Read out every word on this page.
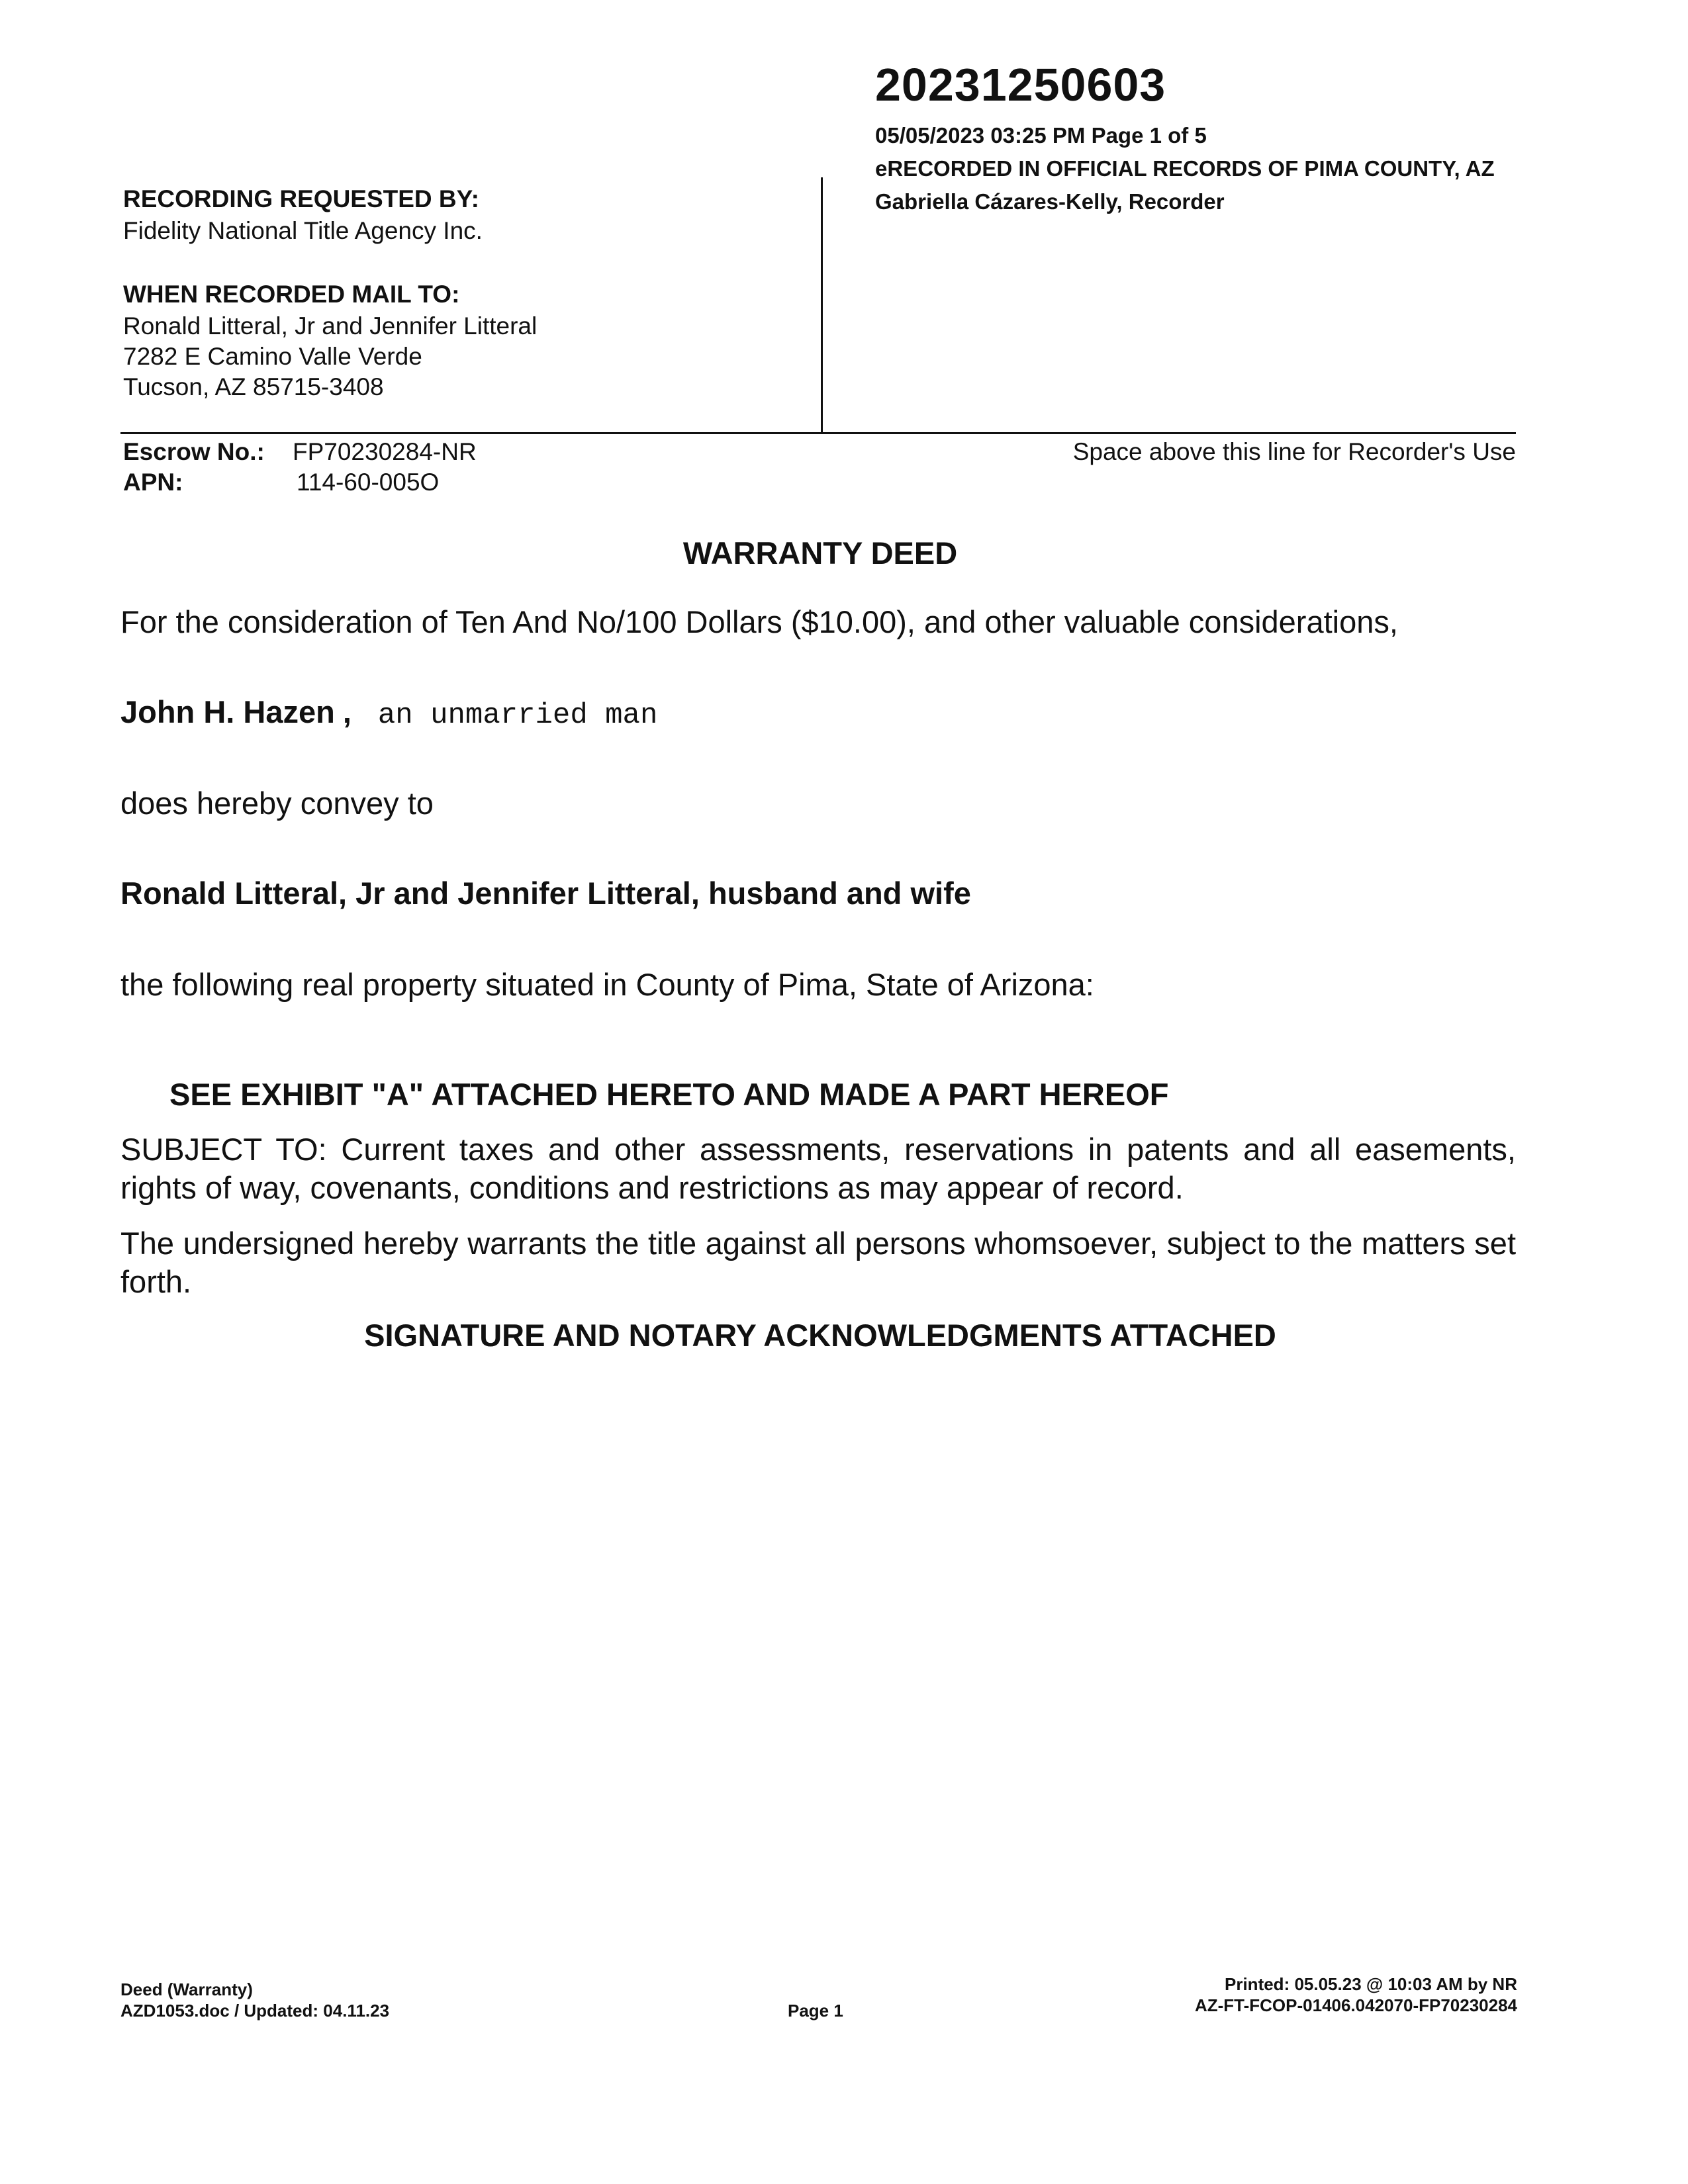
20231250603
05/05/2023 03:25 PM Page 1 of 5
eRECORDED IN OFFICIAL RECORDS OF PIMA COUNTY, AZ
Gabriella Cázares-Kelly, Recorder
RECORDING REQUESTED BY:
Fidelity National Title Agency Inc.
WHEN RECORDED MAIL TO:
Ronald Litteral, Jr and Jennifer Litteral
7282 E Camino Valle Verde
Tucson, AZ 85715-3408
Escrow No.: FP70230284-NR
APN:	114-60-005O
Space above this line for Recorder's Use
WARRANTY DEED
For the consideration of Ten And No/100 Dollars ($10.00), and other valuable considerations,
John H. Hazen , an unmarried man
does hereby convey to
Ronald Litteral, Jr and Jennifer Litteral, husband and wife
the following real property situated in County of Pima, State of Arizona:
SEE EXHIBIT "A" ATTACHED HERETO AND MADE A PART HEREOF
SUBJECT TO: Current taxes and other assessments, reservations in patents and all easements, rights of way, covenants, conditions and restrictions as may appear of record.
The undersigned hereby warrants the title against all persons whomsoever, subject to the matters set forth.
SIGNATURE AND NOTARY ACKNOWLEDGMENTS ATTACHED
Deed (Warranty)
AZD1053.doc / Updated: 04.11.23	Page 1
Printed: 05.05.23 @ 10:03 AM by NR
AZ-FT-FCOP-01406.042070-FP70230284
